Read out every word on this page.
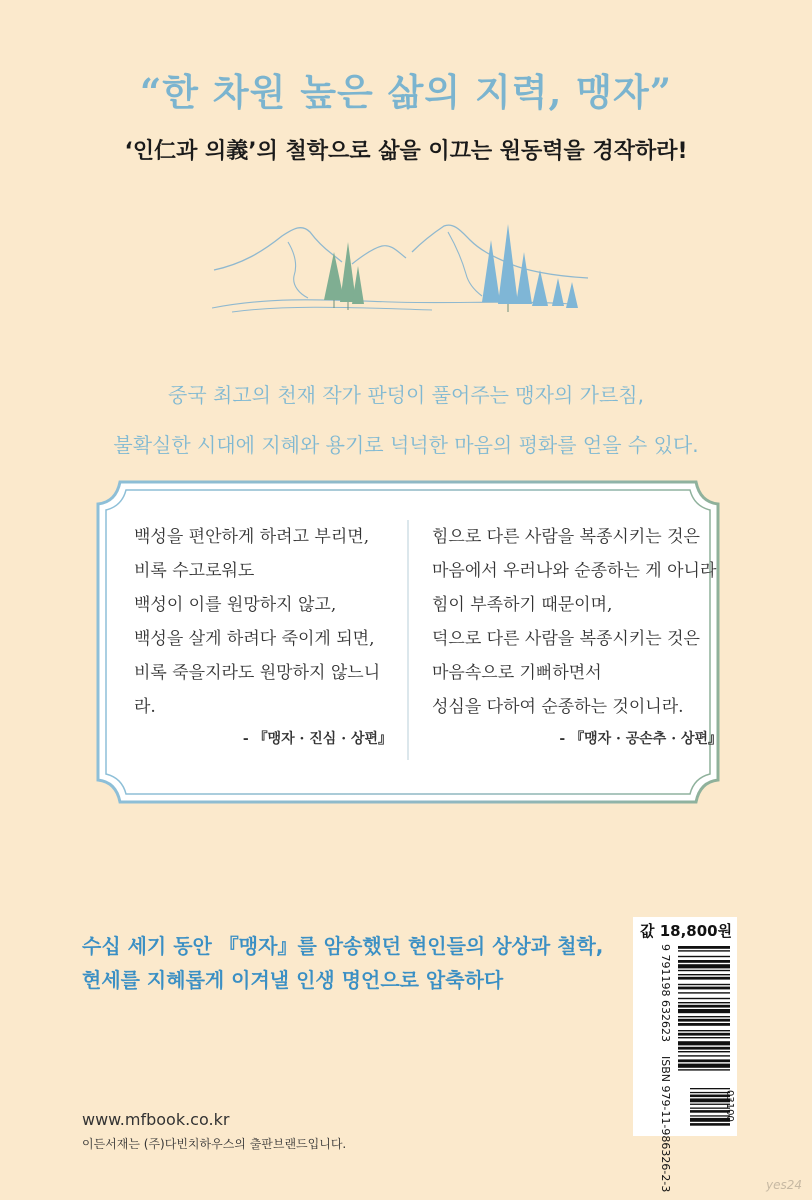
“한 차원 높은 삶의 지력, 맹자”
‘인仁과 의義’의 철학으로 삶을 이끄는 원동력을 경작하라!
중국 최고의 천재 작가 판덩이 풀어주는 맹자의 가르침,
불확실한 시대에 지혜와 용기로 넉넉한 마음의 평화를 얻을 수 있다.
백성을 편안하게 하려고 부리면,
비록 수고로워도
백성이 이를 원망하지 않고,
백성을 살게 하려다 죽이게 되면,
비록 죽을지라도 원망하지 않느니라.
- 『맹자 · 진심 · 상편』
힘으로 다른 사람을 복종시키는 것은
마음에서 우러나와 순종하는 게 아니라
힘이 부족하기 때문이며,
덕으로 다른 사람을 복종시키는 것은
마음속으로 기뻐하면서
성심을 다하여 순종하는 것이니라.
- 『맹자 · 공손추 · 상편』
수십 세기 동안 『맹자』를 암송했던 현인들의 상상과 철학,
현세를 지혜롭게 이겨낼 인생 명언으로 압축하다
www.mfbook.co.kr
이든서재는 (주)다빈치하우스의 출판브랜드입니다.
값 18,800원
9 791198 632623    ISBN 979-11-986326-2-3	03100
yes24
